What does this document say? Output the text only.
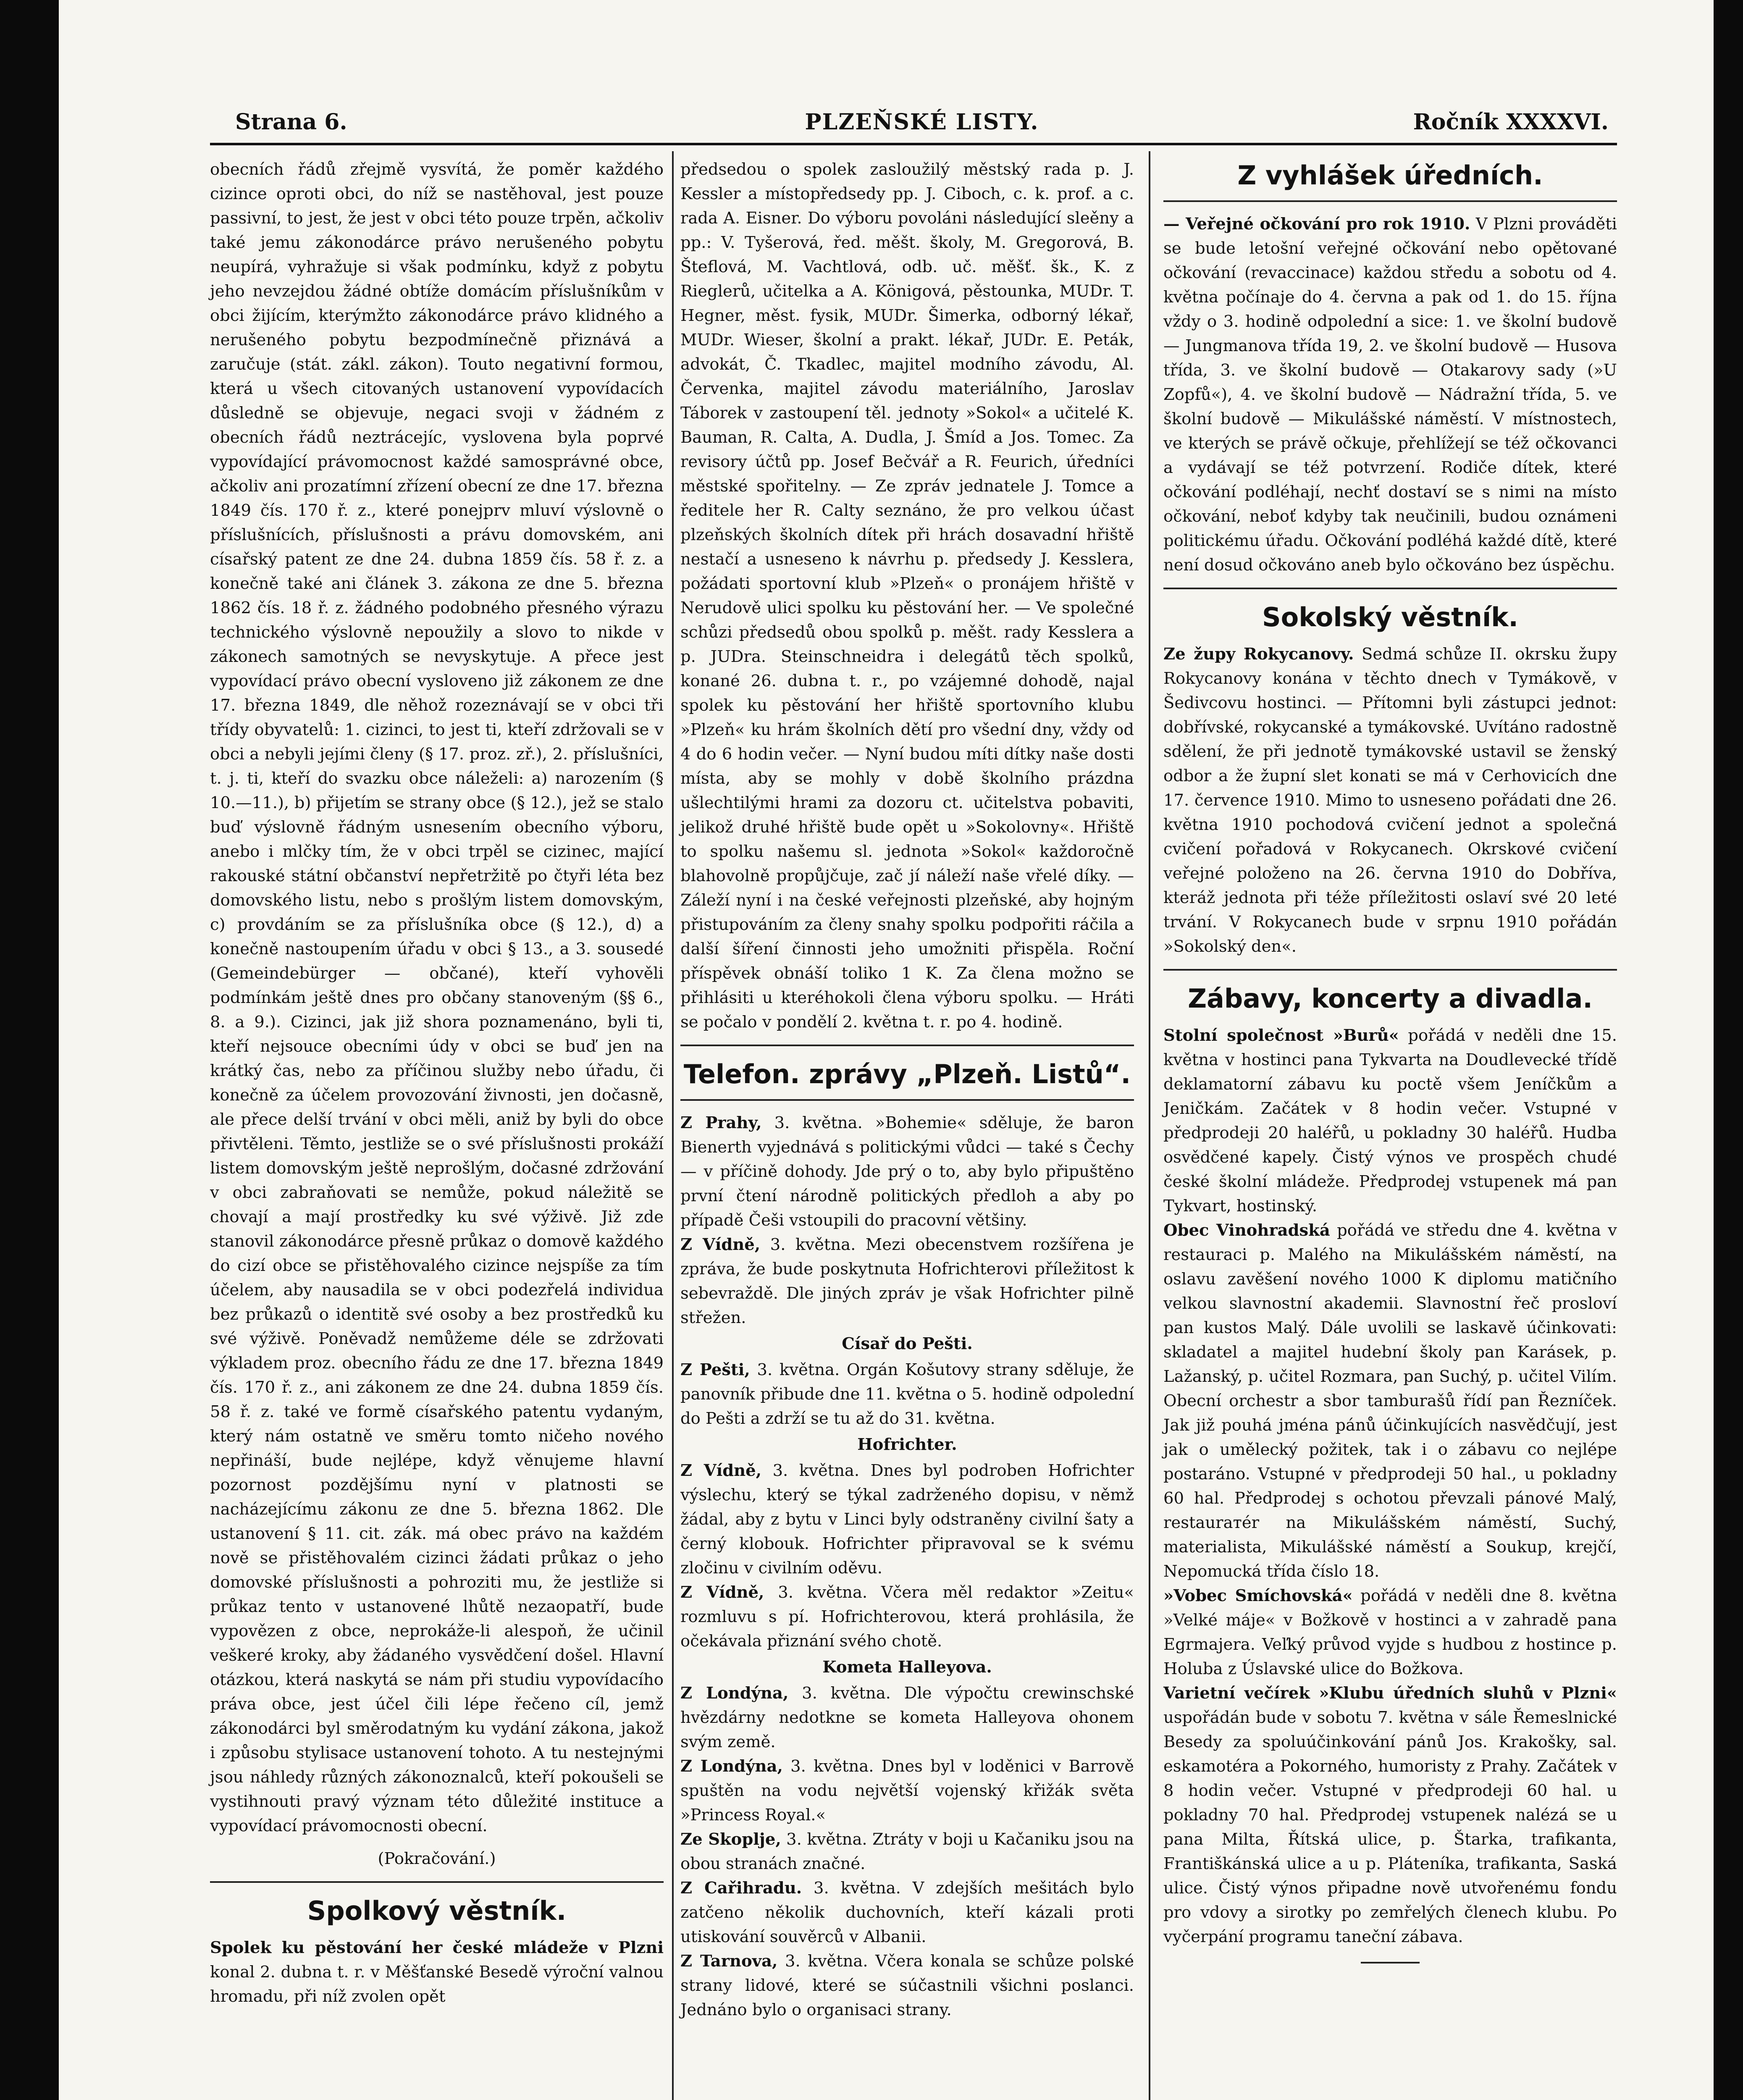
Strana 6.	PLZEŇSKÉ LISTY.	Ročník XXXXVI.

obecních řádů zřejmě vysvítá, že poměr každého cizince oproti obci, do níž se nastěhoval, jest pouze passivní, to jest, že jest v obci této pouze trpěn, ačkoliv také jemu zákonodárce právo nerušeného pobytu neupírá, vyhražuje si však podmínku, když z pobytu jeho nevzejdou žádné obtíže domácím příslušníkům v obci žijícím, kterýmžto zákonodárce právo klidného a nerušeného pobytu bezpodmínečně přiznává a zaručuje (stát. zákl. zákon). Touto negativní formou, která u všech citovaných ustanovení vypovídacích důsledně se objevuje, negaci svoji v žádném z obecních řádů neztrácejíc, vyslovena byla poprvé vypovídající právomocnost každé samosprávné obce, ačkoliv ani prozatímní zřízení obecní ze dne 17. března 1849 čís. 170 ř. z., které ponejprv mluví výslovně o příslušnících, příslušnosti a právu domovském, ani císařský patent ze dne 24. dubna 1859 čís. 58 ř. z. a konečně také ani článek 3. zákona ze dne 5. března 1862 čís. 18 ř. z. žádného podobného přesného výrazu technického výslovně nepoužily a slovo to nikde v zákonech samotných se nevyskytuje. A přece jest vypovídací právo obecní vysloveno již zákonem ze dne 17. března 1849, dle něhož rozeznávají se v obci tři třídy obyvatelů: 1. cizinci, to jest ti, kteří zdržovali se v obci a nebyli jejími členy (§ 17. proz. zř.), 2. příslušníci, t. j. ti, kteří do svazku obce náleželi: a) narozením (§ 10.—11.), b) přijetím se strany obce (§ 12.), jež se stalo buď výslovně řádným usnesením obecního výboru, anebo i mlčky tím, že v obci trpěl se cizinec, mající rakouské státní občanství nepřetržitě po čtyři léta bez domovského listu, nebo s prošlým listem domovským, c) provdáním se za příslušníka obce (§ 12.), d) a konečně nastoupením úřadu v obci § 13., a 3. sousedé (Gemeindebürger — občané), kteří vyhověli podmínkám ještě dnes pro občany stanoveným (§§ 6., 8. a 9.). Cizinci, jak již shora poznamenáno, byli ti, kteří nejsouce obecními údy v obci se buď jen na krátký čas, nebo za příčinou služby nebo úřadu, či konečně za účelem provozování živnosti, jen dočasně, ale přece delší trvání v obci měli, aniž by byli do obce přivtěleni. Těmto, jestliže se o své příslušnosti prokáží listem domovským ještě neprošlým, dočasné zdržování v obci zabraňovati se nemůže, pokud náležitě se chovají a mají prostředky ku své výživě. Již zde stanovil zákonodárce přesně průkaz o domově každého do cizí obce se přistěhovalého cizince nejspíše za tím účelem, aby nausadila se v obci podezřelá individua bez průkazů o identitě své osoby a bez prostředků ku své výživě. Poněvadž nemůžeme déle se zdržovati výkladem proz. obecního řádu ze dne 17. března 1849 čís. 170 ř. z., ani zákonem ze dne 24. dubna 1859 čís. 58 ř. z. také ve formě císařského patentu vydaným, který nám ostatně ve směru tomto ničeho nového nepřináší, bude nejlépe, když věnujeme hlavní pozornost pozdějšímu nyní v platnosti se nacházejícímu zákonu ze dne 5. března 1862. Dle ustanovení § 11. cit. zák. má obec právo na každém nově se přistěhovalém cizinci žádati průkaz o jeho domovské příslušnosti a pohroziti mu, že jestliže si průkaz tento v ustanovené lhůtě nezaopatří, bude vypovězen z obce, neprokáže-li alespoň, že učinil veškeré kroky, aby žádaného vysvědčení došel. Hlavní otázkou, která naskytá se nám při studiu vypovídacího práva obce, jest účel čili lépe řečeno cíl, jemž zákonodárci byl směrodatným ku vydání zákona, jakož i způsobu stylisace ustanovení tohoto. A tu nestejnými jsou náhledy různých zákonoznalců, kteří pokoušeli se vystihnouti pravý význam této důležité instituce a vypovídací právomocnosti obecní.

(Pokračování.)

Spolkový věstník.

Spolek ku pěstování her české mládeže v Plzni konal 2. dubna t. r. v Měšťanské Besedě výroční valnou hromadu, při níž zvolen opět

předsedou o spolek zasloužilý městský rada p. J. Kessler a místopředsedy pp. J. Ciboch, c. k. prof. a c. rada A. Eisner. Do výboru povoláni následující sleěny a pp.: V. Tyšerová, řed. měšt. školy, M. Gregorová, B. Šteflová, M. Vachtlová, odb. uč. měšť. šk., K. z Rieglerů, učitelka a A. Königová, pěstounka, MUDr. T. Hegner, měst. fysik, MUDr. Šimerka, odborný lékař, MUDr. Wieser, školní a prakt. lékař, JUDr. E. Peták, advokát, Č. Tkadlec, majitel modního závodu, Al. Červenka, majitel závodu materiálního, Jaroslav Táborek v zastoupení těl. jednoty »Sokol« a učitelé K. Bauman, R. Calta, A. Dudla, J. Šmíd a Jos. Tomec. Za revisory účtů pp. Josef Bečvář a R. Feurich, úředníci městské spořitelny. — Ze zpráv jednatele J. Tomce a ředitele her R. Calty seznáno, že pro velkou účast plzeňských školních dítek při hrách dosavadní hřiště nestačí a usneseno k návrhu p. předsedy J. Kesslera, požádati sportovní klub »Plzeň« o pronájem hřiště v Nerudově ulici spolku ku pěstování her. — Ve společné schůzi předsedů obou spolků p. měšt. rady Kesslera a p. JUDra. Steinschneidra i delegátů těch spolků, konané 26. dubna t. r., po vzájemné dohodě, najal spolek ku pěstování her hřiště sportovního klubu »Plzeň« ku hrám školních dětí pro všední dny, vždy od 4 do 6 hodin večer. — Nyní budou míti dítky naše dosti místa, aby se mohly v době školního prázdna ušlechtilými hrami za dozoru ct. učitelstva pobaviti, jelikož druhé hřiště bude opět u »Sokolovny«. Hřiště to spolku našemu sl. jednota »Sokol« každoročně blahovolně propůjčuje, zač jí náleží naše vřelé díky. — Záleží nyní i na české veřejnosti plzeňské, aby hojným přistupováním za členy snahy spolku podpořiti ráčila a další šíření činnosti jeho umožniti přispěla. Roční příspěvek obnáší toliko 1 K. Za člena možno se přihlásiti u kteréhokoli člena výboru spolku. — Hráti se počalo v pondělí 2. května t. r. po 4. hodině.

Telefon. zprávy „Plzeň. Listů“.

Z Prahy, 3. května. »Bohemie« sděluje, že baron Bienerth vyjednává s politickými vůdci — také s Čechy — v příčině dohody. Jde prý o to, aby bylo připuštěno první čtení národně politických předloh a aby po případě Češi vstoupili do pracovní většiny.

Z Vídně, 3. května. Mezi obecenstvem rozšířena je zpráva, že bude poskytnuta Hofrichterovi příležitost k sebevraždě. Dle jiných zpráv je však Hofrichter pilně střežen.

Císař do Pešti.

Z Pešti, 3. května. Orgán Košutovy strany sděluje, že panovník přibude dne 11. května o 5. hodině odpolední do Pešti a zdrží se tu až do 31. května.

Hofrichter.

Z Vídně, 3. května. Dnes byl podroben Hofrichter výslechu, který se týkal zadrženého dopisu, v němž žádal, aby z bytu v Linci byly odstraněny civilní šaty a černý klobouk. Hofrichter připravoval se k svému zločinu v civilním oděvu.

Z Vídně, 3. května. Včera měl redaktor »Zeitu« rozmluvu s pí. Hofrichterovou, která prohlásila, že očekávala přiznání svého chotě.

Kometa Halleyova.

Z Londýna, 3. května. Dle výpočtu crewinschské hvězdárny nedotkne se kometa Halleyova ohonem svým země.

Z Londýna, 3. května. Dnes byl v loděnici v Barrově spuštěn na vodu největší vojenský křižák světa »Princess Royal.«

Ze Skoplje, 3. května. Ztráty v boji u Kačaniku jsou na obou stranách značné.

Z Cařihradu. 3. května. V zdejších mešitách bylo zatčeno několik duchovních, kteří kázali proti utiskování souvěrců v Albanii.

Z Tarnova, 3. května. Včera konala se schůze polské strany lidové, které se súčastnili všichni poslanci. Jednáno bylo o organisaci strany.

Z vyhlášek úředních.

— Veřejné očkování pro rok 1910. V Plzni prováděti se bude letošní veřejné očkování nebo opětované očkování (revaccinace) každou středu a sobotu od 4. května počínaje do 4. června a pak od 1. do 15. října vždy o 3. hodině odpolední a sice: 1. ve školní budově — Jungmanova třída 19, 2. ve školní budově — Husova třída, 3. ve školní budově — Otakarovy sady (»U Zopfů«), 4. ve školní budově — Nádražní třída, 5. ve školní budově — Mikulášské náměstí. V místnostech, ve kterých se právě očkuje, přehlížejí se též očkovanci a vydávají se též potvrzení. Rodiče dítek, které očkování podléhají, nechť dostaví se s nimi na místo očkování, neboť kdyby tak neučinili, budou oznámeni politickému úřadu. Očkování podléhá každé dítě, které není dosud očkováno aneb bylo očkováno bez úspěchu.

Sokolský věstník.

Ze župy Rokycanovy. Sedmá schůze II. okrsku župy Rokycanovy konána v těchto dnech v Tymákově, v Šedivcovu hostinci. — Přítomni byli zástupci jednot: dobřívské, rokycanské a tymákovské. Uvítáno radostně sdělení, že při jednotě tymákovské ustavil se ženský odbor a že župní slet konati se má v Cerhovicích dne 17. července 1910. Mimo to usneseno pořádati dne 26. května 1910 pochodová cvičení jednot a společná cvičení pořadová v Rokycanech. Okrskové cvičení veřejné položeno na 26. června 1910 do Dobřívа, kteráž jednota při téže příležitosti oslaví své 20 leté trvání. V Rokycanech bude v srpnu 1910 pořádán »Sokolský den«.

Zábavy, koncerty a divadla.

Stolní společnost »Burů« pořádá v neděli dne 15. května v hostinci pana Tykvarta na Doudlevecké třídě deklamatorní zábavu ku poctě všem Jeníčkům a Jeničkám. Začátek v 8 hodin večer. Vstupné v předprodeji 20 haléřů, u pokladny 30 haléřů. Hudba osvědčené kapely. Čistý výnos ve prospěch chudé české školní mládeže. Předprodej vstupenek má pan Tykvart, hostinský.

Obec Vinohradská pořádá ve středu dne 4. května v restauraci p. Malého na Mikulášském náměstí, na oslavu zavěšení nového 1000 K diplomu matičního velkou slavnostní akademii. Slavnostní řeč prosloví pan kustos Malý. Dále uvolili se laskavě účinkovati: skladatel a majitel hudební školy pan Karásek, p. Lažanský, p. učitel Rozmara, pan Suchý, p. učitel Vilím. Obecní orchestr a sbor tamburašů řídí pan Řezníček. Jak již pouhá jména pánů účinkujících nasvědčují, jest jak o umělecký požitek, tak i o zábavu co nejlépe postaráno. Vstupné v předprodeji 50 hal., u pokladny 60 hal. Předprodej s ochotou převzali pánové Malý, restaurатér na Mikulášském náměstí, Suchý, materialista, Mikulášské náměstí a Soukup, krejčí, Nepomucká třída číslo 18.

»Vobec Smíchovská« pořádá v neděli dne 8. května »Velké máje« v Božkově v hostinci a v zahradě pana Egrmajera. Veľký průvod vyjde s hudbou z hostince p. Holuba z Úslavské ulice do Božkova.

Varietní večírek »Klubu úředních sluhů v Plzni« uspořádán bude v sobotu 7. května v sále Řemeslnické Besedy za spoluúčinkování pánů Jos. Krakošky, sal. eskamotéra a Pokorného, humoristy z Prahy. Začátek v 8 hodin večer. Vstupné v předprodeji 60 hal. u pokladny 70 hal. Předprodej vstupenek nalézá se u pana Milta, Řítská ulice, p. Štarka, trafikanta, Františkánská ulice a u p. Pláteníka, trafikanta, Saská ulice. Čistý výnos připadne nově utvořenému fondu pro vdovy a sirotky po zemřelých členech klubu. Po vyčerpání programu taneční zábava.
